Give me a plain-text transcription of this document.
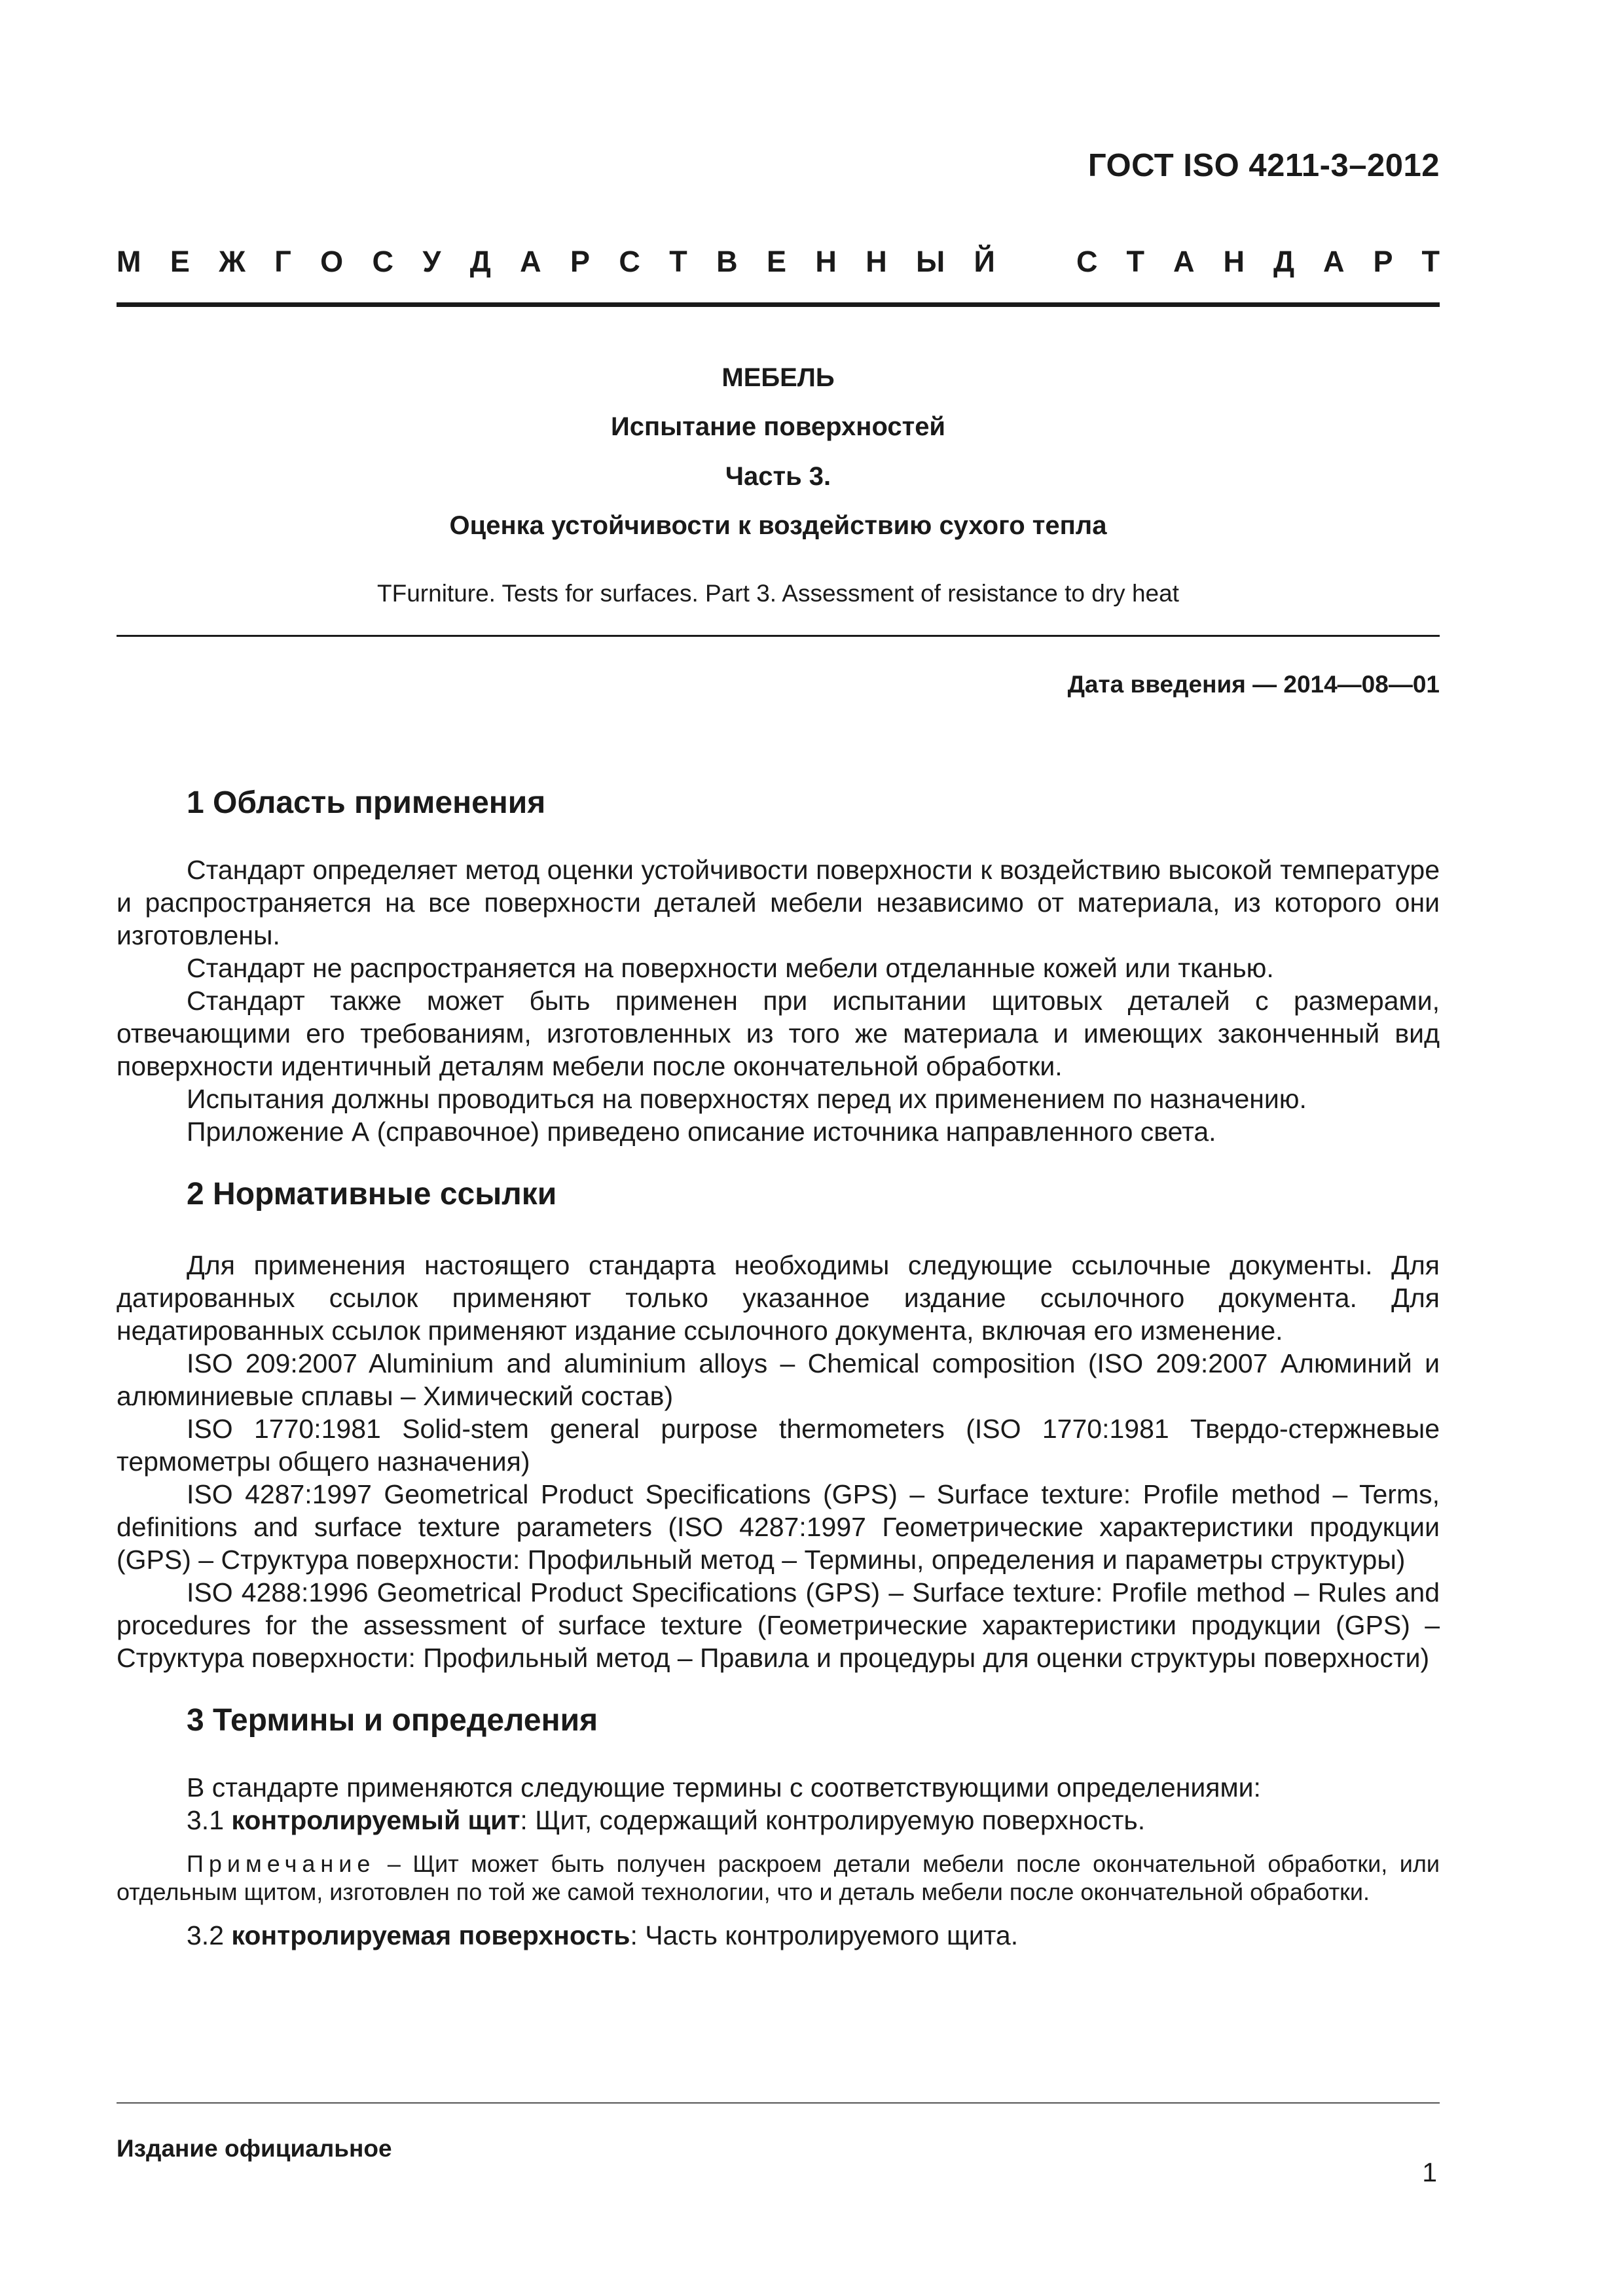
ГОСТ ISO 4211-3–2012
М Е Ж Г О С У Д А Р С Т В Е Н Н Ы Й	С Т А Н Д А Р Т
МЕБЕЛЬ
Испытание поверхностей
Часть 3.
Оценка устойчивости к воздействию сухого тепла
TFurniture. Tests for surfaces. Part 3. Assessment of resistance to dry heat
Дата введения — 2014—08—01
1 Область применения

Стандарт определяет метод оценки устойчивости поверхности к воздействию высокой температуре и распространяется на все поверхности деталей мебели независимо от материала, из которого они изготовлены.

Стандарт не распространяется на поверхности мебели отделанные кожей или тканью.

Стандарт также может быть применен при испытании щитовых деталей с размерами, отвечающими его требованиям, изготовленных из того же материала и имеющих законченный вид поверхности идентичный деталям мебели после окончательной обработки.

Испытания должны проводиться на поверхностях перед их применением по назначению.

Приложение А (справочное) приведено описание источника направленного света.

2 Нормативные ссылки

Для применения настоящего стандарта необходимы следующие ссылочные документы. Для датированных ссылок применяют только указанное издание ссылочного документа. Для недатированных ссылок применяют издание ссылочного документа, включая его изменение.

ISO 209:2007 Aluminium and aluminium alloys – Chemical composition (ISO 209:2007 Алюминий и алюминиевые сплавы – Химический состав)

ISO 1770:1981 Solid-stem general purpose thermometers (ISO 1770:1981 Твердо-стержневые термометры общего назначения)

ISO 4287:1997 Geometrical Product Specifications (GPS) – Surface texture: Profile method – Terms, definitions and surface texture parameters (ISO 4287:1997 Геометрические характеристики продукции (GPS) – Структура поверхности: Профильный метод – Термины, определения и параметры структуры)

ISO 4288:1996 Geometrical Product Specifications (GPS) – Surface texture: Profile method – Rules and procedures for the assessment of surface texture (Геометрические характеристики продукции (GPS) – Структура поверхности: Профильный метод – Правила и процедуры для оценки структуры поверхности)

3 Термины и определения

В стандарте применяются следующие термины с соответствующими определениями:

3.1 контролируемый щит: Щит, содержащий контролируемую поверхность.

Примечание – Щит может быть получен раскроем детали мебели после окончательной обработки, или отдельным щитом, изготовлен по той же самой технологии, что и деталь мебели после окончательной обработки.

3.2 контролируемая поверхность: Часть контролируемого щита.

Издание официальное
1
